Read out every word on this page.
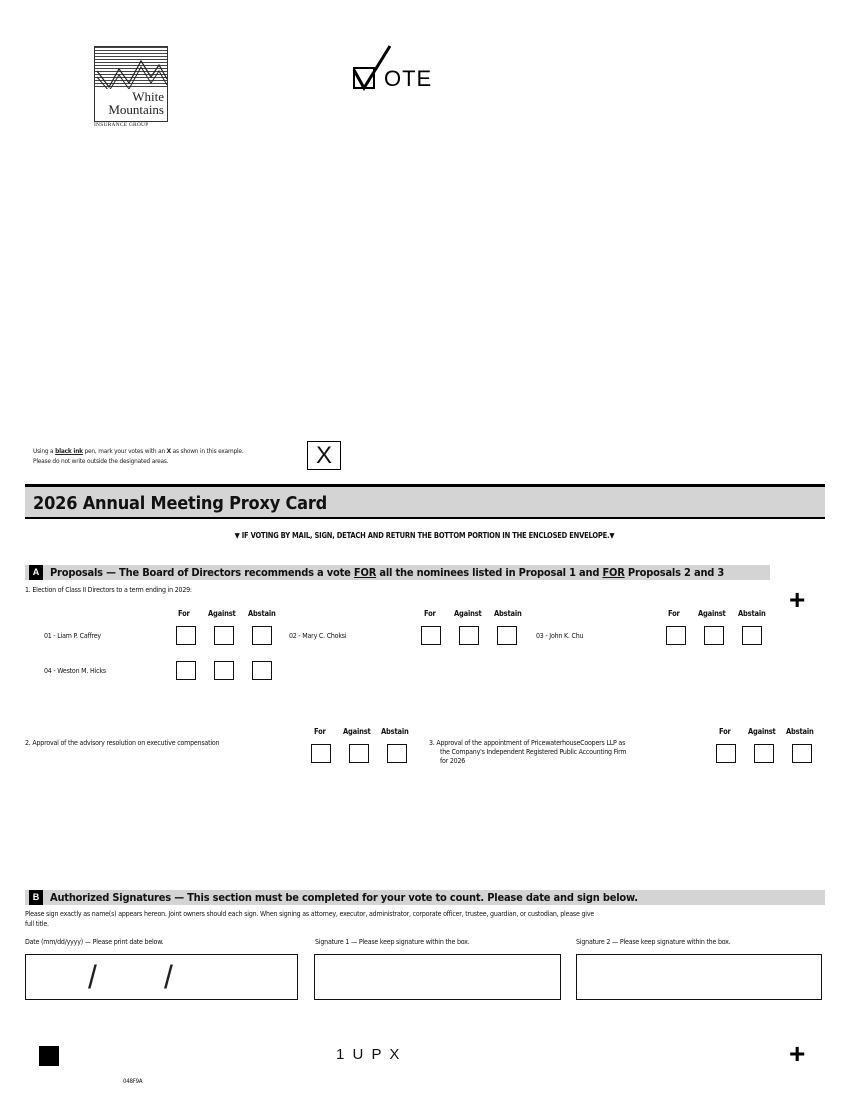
White
Mountains
INSURANCE GROUP
OTE
Using a black ink pen, mark your votes with an X as shown in this example.
Please do not write outside the designated areas.	X
2026 Annual Meeting Proxy Card
▼ IF VOTING BY MAIL, SIGN, DETACH AND RETURN THE BOTTOM PORTION IN THE ENCLOSED ENVELOPE.▼
A Proposals — The Board of Directors recommends a vote FOR all the nominees listed in Proposal 1 and FOR Proposals 2 and 3
+
1. Election of Class II Directors to a term ending in 2029:
For Against Abstain	For Against Abstain	For Against Abstain
01 - Liam P. Caffrey	02 - Mary C. Choksi	03 - John K. Chu
04 - Weston M. Hicks
2. Approval of the advisory resolution on executive compensation
For Against Abstain
3. Approval of the appointment of PricewaterhouseCoopers LLP as
the Company's Independent Registered Public Accounting Firm
for 2026
For Against Abstain
B Authorized Signatures — This section must be completed for your vote to count. Please date and sign below.
Please sign exactly as name(s) appears hereon. Joint owners should each sign. When signing as attorney, executor, administrator, corporate officer, trustee, guardian, or custodian, please give
full title.
Date (mm/dd/yyyy) — Please print date below.	Signature 1 — Please keep signature within the box.	Signature 2 — Please keep signature within the box.
/ /
1 U P X	+
048F9A
